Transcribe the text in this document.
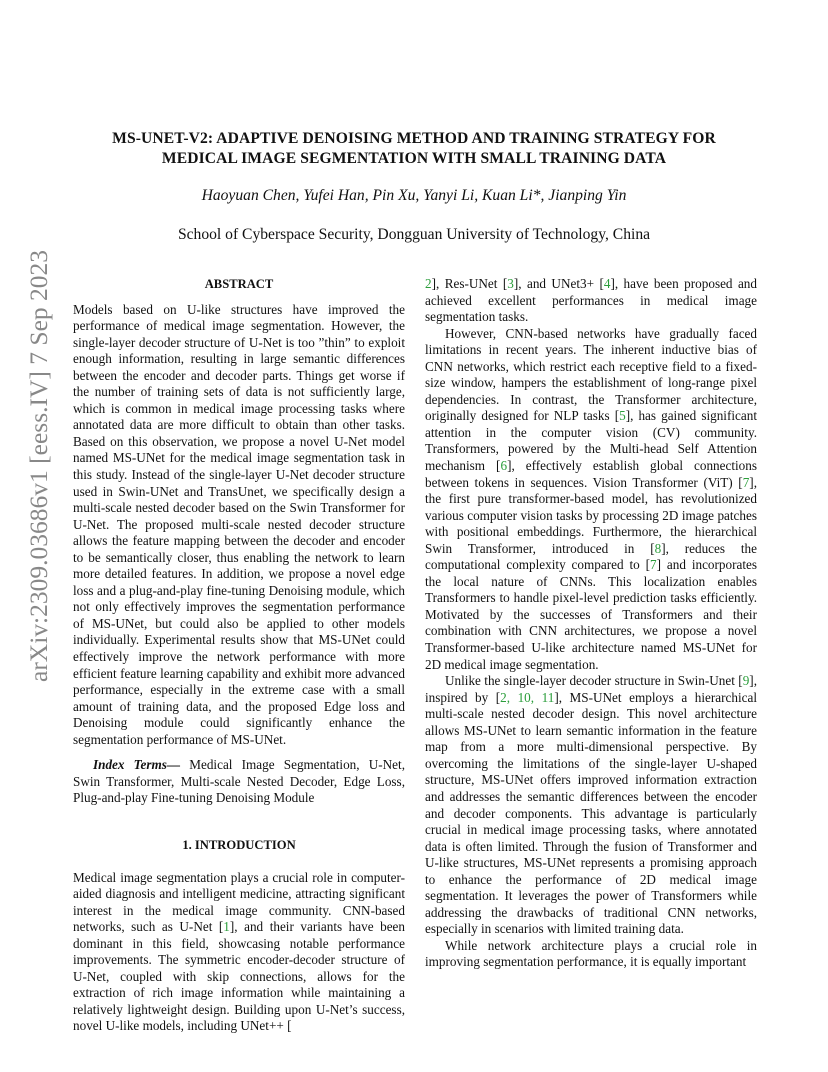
arXiv:2309.03686v1 [eess.IV] 7 Sep 2023
MS-UNET-V2: ADAPTIVE DENOISING METHOD AND TRAINING STRATEGY FOR
MEDICAL IMAGE SEGMENTATION WITH SMALL TRAINING DATA
Haoyuan Chen, Yufei Han, Pin Xu, Yanyi Li, Kuan Li*, Jianping Yin
School of Cyberspace Security, Dongguan University of Technology, China
ABSTRACT

Models based on U-like structures have improved the performance of medical image segmentation. However, the single-layer decoder structure of U-Net is too ”thin” to exploit enough information, resulting in large semantic differences between the encoder and decoder parts. Things get worse if the number of training sets of data is not sufficiently large, which is common in medical image processing tasks where annotated data are more difficult to obtain than other tasks. Based on this observation, we propose a novel U-Net model named MS-UNet for the medical image segmentation task in this study. Instead of the single-layer U-Net decoder structure used in Swin-UNet and TransUnet, we specifically design a multi-scale nested decoder based on the Swin Transformer for U-Net. The proposed multi-scale nested decoder structure allows the feature mapping between the decoder and encoder to be semantically closer, thus enabling the network to learn more detailed features. In addition, we propose a novel edge loss and a plug-and-play fine-tuning Denoising module, which not only effectively improves the segmentation performance of MS-UNet, but could also be applied to other models individually. Experimental results show that MS-UNet could effectively improve the network performance with more efficient feature learning capability and exhibit more advanced performance, especially in the extreme case with a small amount of training data, and the proposed Edge loss and Denoising module could significantly enhance the segmentation performance of MS-UNet.

Index Terms— Medical Image Segmentation, U-Net, Swin Transformer, Multi-scale Nested Decoder, Edge Loss, Plug-and-play Fine-tuning Denoising Module

1. INTRODUCTION

Medical image segmentation plays a crucial role in computer-aided diagnosis and intelligent medicine, attracting significant interest in the medical image community. CNN-based networks, such as U-Net [1], and their variants have been dominant in this field, showcasing notable performance improvements. The symmetric encoder-decoder structure of U-Net, coupled with skip connections, allows for the extraction of rich image information while maintaining a relatively lightweight design. Building upon U-Net’s success, novel U-like models, including UNet++ [

2], Res-UNet [3], and UNet3+ [4], have been proposed and achieved excellent performances in medical image segmentation tasks.

However, CNN-based networks have gradually faced limitations in recent years. The inherent inductive bias of CNN networks, which restrict each receptive field to a fixed-size window, hampers the establishment of long-range pixel dependencies. In contrast, the Transformer architecture, originally designed for NLP tasks [5], has gained significant attention in the computer vision (CV) community. Transformers, powered by the Multi-head Self Attention mechanism [6], effectively establish global connections between tokens in sequences. Vision Transformer (ViT) [7], the first pure transformer-based model, has revolutionized various computer vision tasks by processing 2D image patches with positional embeddings. Furthermore, the hierarchical Swin Transformer, introduced in [8], reduces the computational complexity compared to [7] and incorporates the local nature of CNNs. This localization enables Transformers to handle pixel-level prediction tasks efficiently. Motivated by the successes of Transformers and their combination with CNN architectures, we propose a novel Transformer-based U-like architecture named MS-UNet for 2D medical image segmentation.

Unlike the single-layer decoder structure in Swin-Unet [9], inspired by [2, 10, 11], MS-UNet employs a hierarchical multi-scale nested decoder design. This novel architecture allows MS-UNet to learn semantic information in the feature map from a more multi-dimensional perspective. By overcoming the limitations of the single-layer U-shaped structure, MS-UNet offers improved information extraction and addresses the semantic differences between the encoder and decoder components. This advantage is particularly crucial in medical image processing tasks, where annotated data is often limited. Through the fusion of Transformer and U-like structures, MS-UNet represents a promising approach to enhance the performance of 2D medical image segmentation. It leverages the power of Transformers while addressing the drawbacks of traditional CNN networks, especially in scenarios with limited training data.

While network architecture plays a crucial role in improving segmentation performance, it is equally important
